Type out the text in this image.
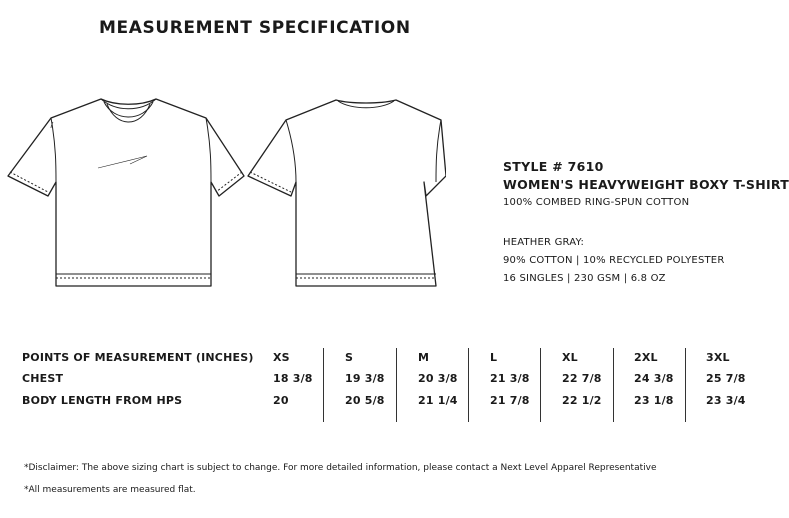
MEASUREMENT SPECIFICATION
STYLE # 7610
WOMEN'S HEAVYWEIGHT BOXY T-SHIRT
100% COMBED RING-SPUN COTTON
HEATHER GRAY:
90% COTTON | 10% RECYCLED POLYESTER
16 SINGLES | 230 GSM | 6.8 OZ
POINTS OF MEASUREMENT (INCHES) XS	S	M	L	XL	2XL	3XL
CHEST	18 3/8	19 3/8	20 3/8	21 3/8	22 7/8	24 3/8	25 7/8
BODY LENGTH FROM HPS	20	20 5/8	21 1/4	21 7/8	22 1/2	23 1/8	23 3/4
*Disclaimer: The above sizing chart is subject to change. For more detailed information, please contact a Next Level Apparel Representative
*All measurements are measured flat.
